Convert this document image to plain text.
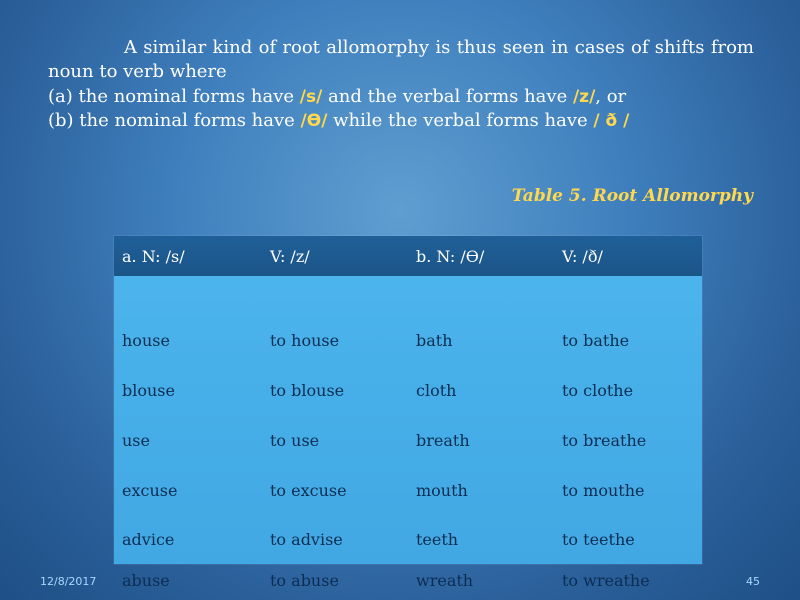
A similar kind of root allomorphy is thus seen in cases of shifts from noun to verb where

(a) the nominal forms have /s/ and the verbal forms have /z/, or

(b) the nominal forms have /Ө/ while the verbal forms have / ð /

Table 5. Root Allomorphy
a. N: /s/	V: /z/	b. N: /Ө/	V: /ð/
house	to house	bath	to bathe
blouse	to blouse	cloth	to clothe
use	to use	breath	to breathe
excuse	to excuse	mouth	to mouthe
advice	to advise	teeth	to teethe
abuse	to abuse	wreath	to wreathe
12/8/2017	45
